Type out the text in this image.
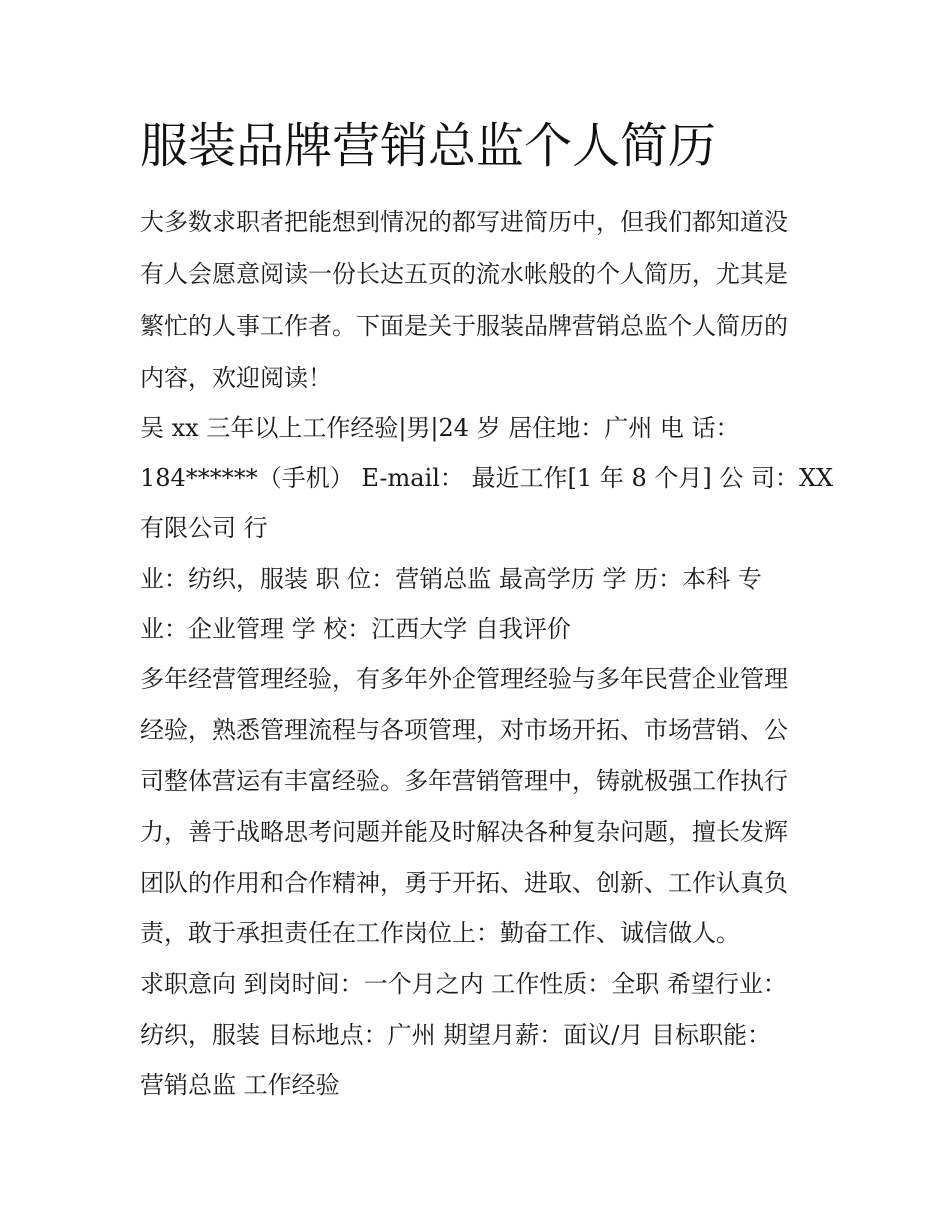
服装品牌营销总监个人简历
大多数求职者把能想到情况的都写进简历中，但我们都知道没
有人会愿意阅读一份长达五页的流水帐般的个人简历，尤其是
繁忙的人事工作者。下面是关于服装品牌营销总监个人简历的
内容，欢迎阅读！
吴 xx 三年以上工作经验|男|24 岁 居住地：广州 电 话：
184******（手机） E-mail： 最近工作[1 年 8 个月] 公 司：XX
有限公司 行
业：纺织，服装 职 位：营销总监 最高学历 学 历：本科 专
业：企业管理 学 校：江西大学 自我评价
多年经营管理经验，有多年外企管理经验与多年民营企业管理
经验，熟悉管理流程与各项管理，对市场开拓、市场营销、公
司整体营运有丰富经验。多年营销管理中，铸就极强工作执行
力，善于战略思考问题并能及时解决各种复杂问题，擅长发辉
团队的作用和合作精神，勇于开拓、进取、创新、工作认真负
责，敢于承担责任在工作岗位上：勤奋工作、诚信做人。
求职意向 到岗时间：一个月之内 工作性质：全职 希望行业：
纺织，服装 目标地点：广州 期望月薪：面议/月 目标职能：
营销总监 工作经验
